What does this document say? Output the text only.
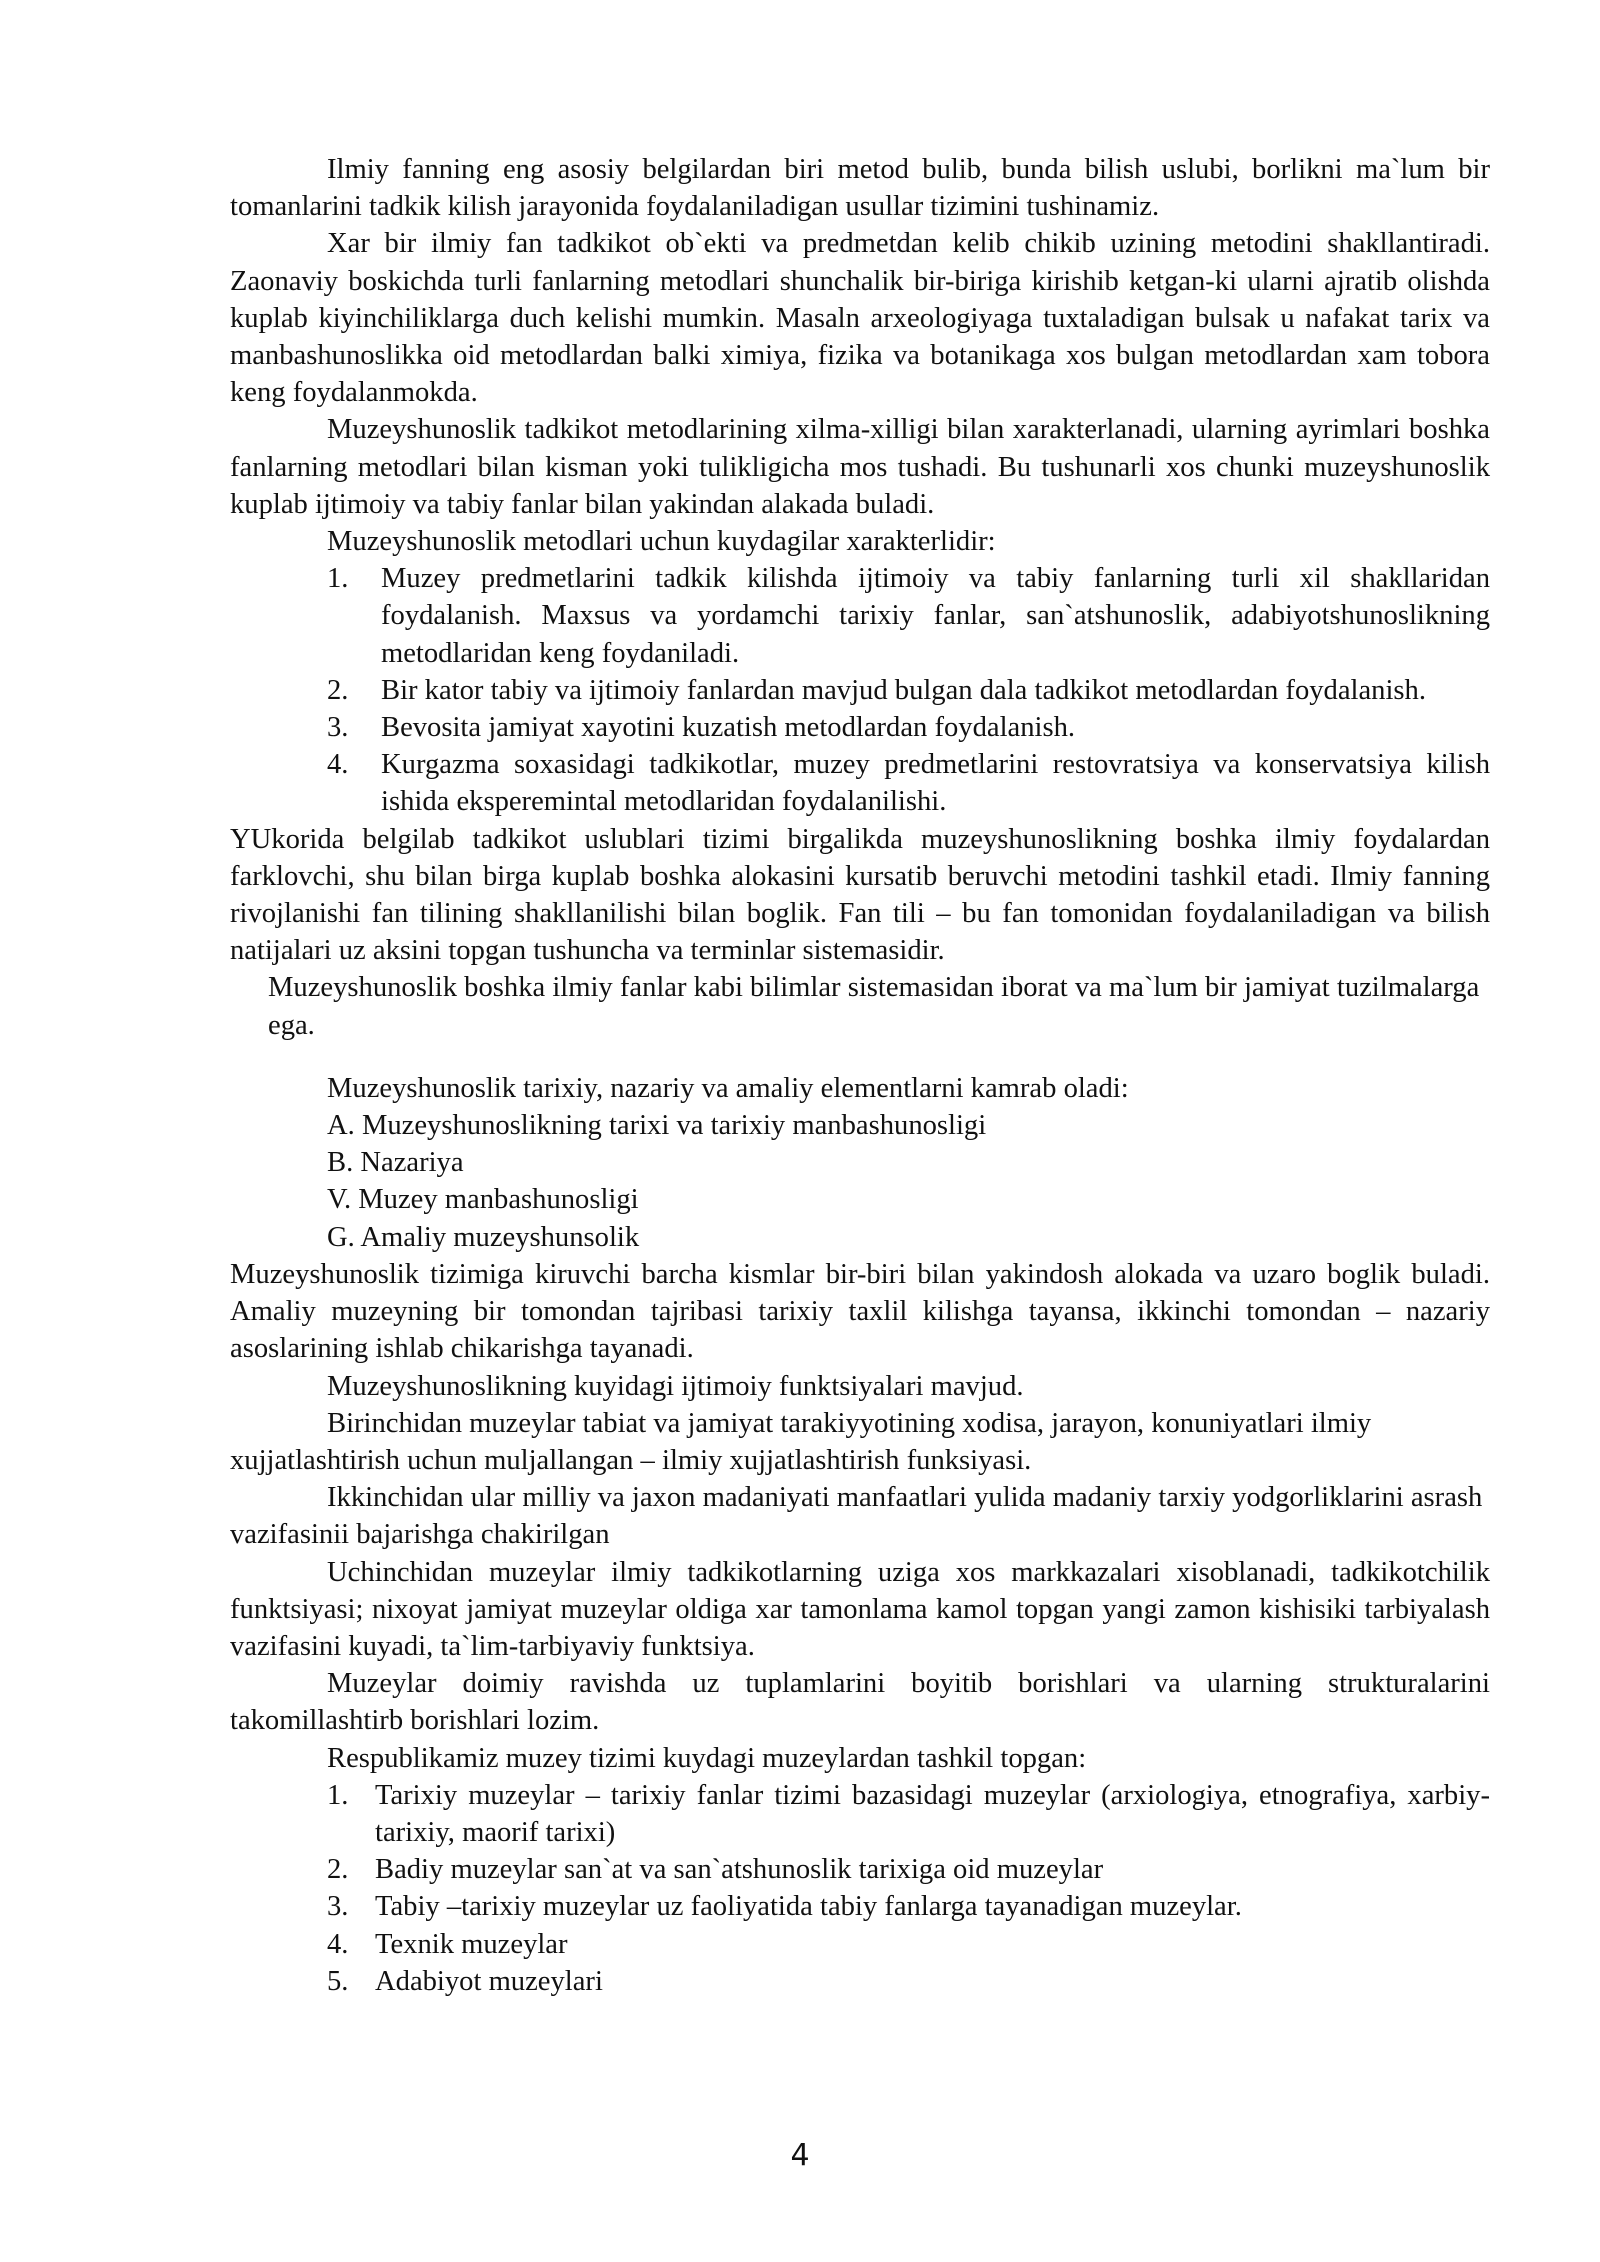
Ilmiy fanning eng asosiy belgilardan biri metod bulib, bunda bilish uslubi, borlikni ma`lum bir tomanlarini tadkik kilish jarayonida foydalaniladigan usullar tizimini tushinamiz.

Xar bir ilmiy fan tadkikot ob`ekti va predmetdan kelib chikib uzining metodini shakllantiradi. Zaonaviy boskichda turli fanlarning metodlari shunchalik bir-biriga kirishib ketgan-ki ularni ajratib olishda kuplab kiyinchiliklarga duch kelishi mumkin. Masaln arxeologiyaga tuxtaladigan bulsak u nafakat tarix va manbashunoslikka oid metodlardan balki ximiya, fizika va botanikaga xos bulgan metodlardan xam tobora keng foydalanmokda.

Muzeyshunoslik tadkikot metodlarining xilma-xilligi bilan xarakterlanadi, ularning ayrimlari boshka fanlarning metodlari bilan kisman yoki tulikligicha mos tushadi. Bu tushunarli xos chunki muzeyshunoslik kuplab ijtimoiy va tabiy fanlar bilan yakindan alakada buladi.

Muzeyshunoslik metodlari uchun kuydagilar xarakterlidir:

1. Muzey predmetlarini tadkik kilishda ijtimoiy va tabiy fanlarning turli xil shakllaridan foydalanish. Maxsus va yordamchi tarixiy fanlar, san`atshunoslik, adabiyotshunoslikning metodlaridan keng foydaniladi.
2. Bir kator tabiy va ijtimoiy fanlardan mavjud bulgan dala tadkikot metodlardan foydalanish.
3. Bevosita jamiyat xayotini kuzatish metodlardan foydalanish.
4. Kurgazma soxasidagi tadkikotlar, muzey predmetlarini restovratsiya va konservatsiya kilish ishida eksperemintal metodlaridan foydalanilishi.

YUkorida belgilab tadkikot uslublari tizimi birgalikda muzeyshunoslikning boshka ilmiy foydalardan farklovchi, shu bilan birga kuplab boshka alokasini kursatib beruvchi metodini tashkil etadi. Ilmiy fanning rivojlanishi fan tilining shakllanilishi bilan boglik. Fan tili – bu fan tomonidan foydalaniladigan va bilish natijalari uz aksini topgan tushuncha va terminlar sistemasidir.

Muzeyshunoslik boshka ilmiy fanlar kabi bilimlar sistemasidan iborat va ma`lum bir jamiyat tuzilmalarga ega.

Muzeyshunoslik tarixiy, nazariy va amaliy elementlarni kamrab oladi:

A. Muzeyshunoslikning tarixi va tarixiy manbashunosligi

B. Nazariya

V. Muzey manbashunosligi

G. Amaliy muzeyshunsolik

Muzeyshunoslik tizimiga kiruvchi barcha kismlar bir-biri bilan yakindosh alokada va uzaro boglik buladi. Amaliy muzeyning bir tomondan tajribasi tarixiy taxlil kilishga tayansa, ikkinchi tomondan – nazariy asoslarining ishlab chikarishga tayanadi.

Muzeyshunoslikning kuyidagi ijtimoiy funktsiyalari mavjud.

Birinchidan muzeylar tabiat va jamiyat tarakiyyotining xodisa, jarayon, konuniyatlari ilmiy xujjatlashtirish uchun muljallangan – ilmiy xujjatlashtirish funksiyasi.

Ikkinchidan ular milliy va jaxon madaniyati manfaatlari yulida madaniy tarxiy yodgorliklarini asrash vazifasinii bajarishga chakirilgan

Uchinchidan muzeylar ilmiy tadkikotlarning uziga xos markkazalari xisoblanadi, tadkikotchilik funktsiyasi; nixoyat jamiyat muzeylar oldiga xar tamonlama kamol topgan yangi zamon kishisiki tarbiyalash vazifasini kuyadi, ta`lim-tarbiyaviy funktsiya.

Muzeylar doimiy ravishda uz tuplamlarini boyitib borishlari va ularning strukturalarini takomillashtirb borishlari lozim.

Respublikamiz muzey tizimi kuydagi muzeylardan tashkil topgan:

1. Tarixiy muzeylar – tarixiy fanlar tizimi bazasidagi muzeylar (arxiologiya, etnografiya, xarbiy-tarixiy, maorif tarixi)
2. Badiy muzeylar san`at va san`atshunoslik tarixiga oid muzeylar
3. Tabiy –tarixiy muzeylar uz faoliyatida tabiy fanlarga tayanadigan muzeylar.
4. Texnik muzeylar
5. Adabiyot muzeylari
4
